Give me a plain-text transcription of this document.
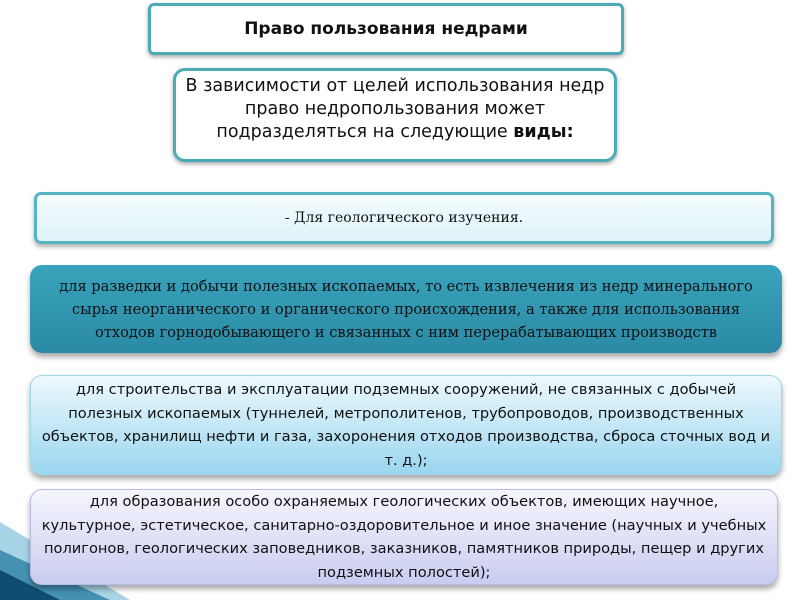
Право пользования недрами
В зависимости от целей использования недр право недропользования может подразделяться на следующие виды:
- Для геологического изучения.
для разведки и добычи полезных ископаемых, то есть извлечения из недр минерального сырья неорганического и органического происхождения, а также для использования отходов горнодобывающего и связанных с ним перерабатывающих производств
для строительства и эксплуатации подземных сооружений, не связанных с добычей полезных ископаемых (туннелей, метрополитенов, трубопроводов, производственных объектов, хранилищ нефти и газа, захоронения отходов производства, сброса сточных вод и т. д.);
для образования особо охраняемых геологических объектов, имеющих научное, культурное, эстетическое, санитарно-оздоровительное и иное значение (научных и учебных полигонов, геологических заповедников, заказников, памятников природы, пещер и других подземных полостей);
